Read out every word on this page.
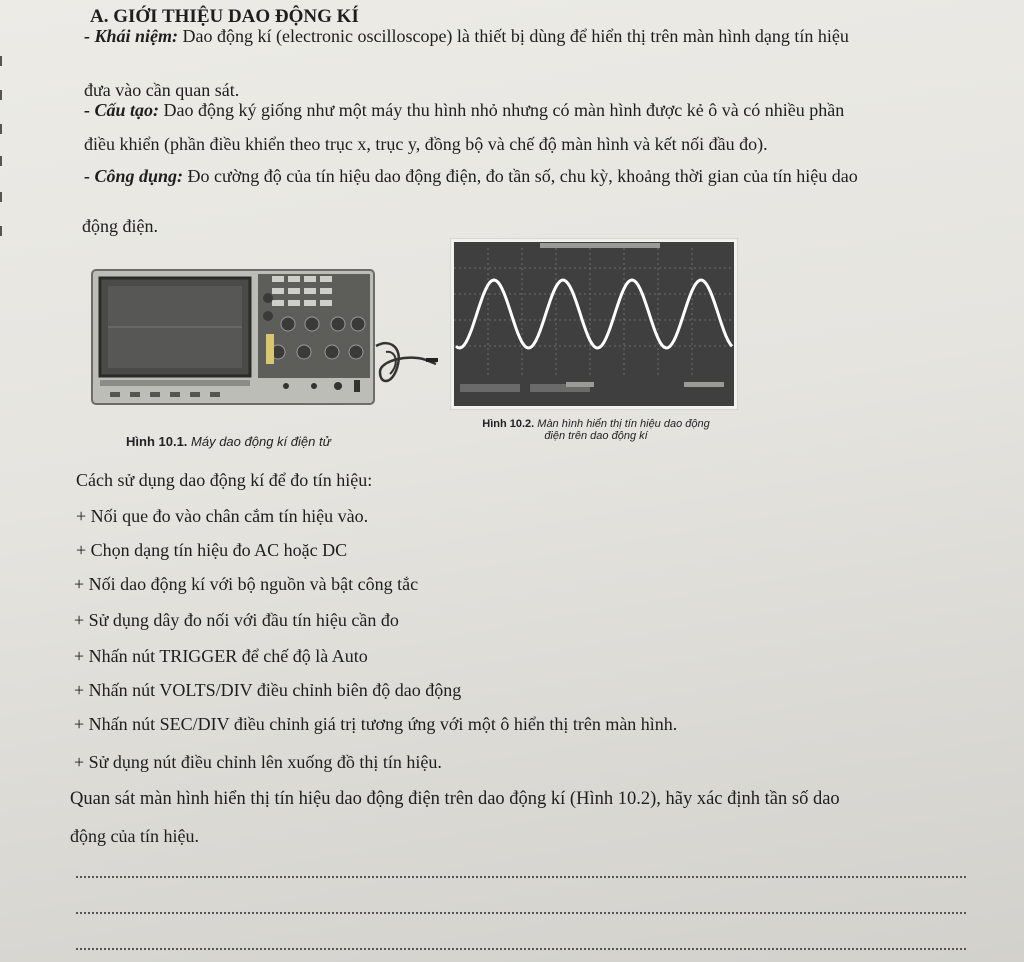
A. GIỚI THIỆU DAO ĐỘNG KÍ
- Khái niệm: Dao động kí (electronic oscilloscope) là thiết bị dùng để hiển thị trên màn hình dạng tín hiệu
đưa vào cần quan sát.
- Cấu tạo: Dao động ký giống như một máy thu hình nhỏ nhưng có màn hình được kẻ ô và có nhiều phần
điều khiển (phần điều khiển theo trục x, trục y, đồng bộ và chế độ màn hình và kết nối đầu đo).
- Công dụng: Đo cường độ của tín hiệu dao động điện, đo tần số, chu kỳ, khoảng thời gian của tín hiệu dao
động điện.
Hình 10.1. Máy dao động kí điện tử
Hình 10.2. Màn hình hiển thị tín hiệu dao động
điện trên dao động kí
Cách sử dụng dao động kí để đo tín hiệu:
+ Nối que đo vào chân cắm tín hiệu vào.
+ Chọn dạng tín hiệu đo AC hoặc DC
+ Nối dao động kí với bộ nguồn và bật công tắc
+ Sử dụng dây đo nối với đầu tín hiệu cần đo
+ Nhấn nút TRIGGER để chế độ là Auto
+ Nhấn nút VOLTS/DIV điều chỉnh biên độ dao động
+ Nhấn nút SEC/DIV điều chỉnh giá trị tương ứng với một ô hiển thị trên màn hình.
+ Sử dụng nút điều chỉnh lên xuống đồ thị tín hiệu.
Quan sát màn hình hiển thị tín hiệu dao động điện trên dao động kí (Hình 10.2), hãy xác định tần số dao
động của tín hiệu.
